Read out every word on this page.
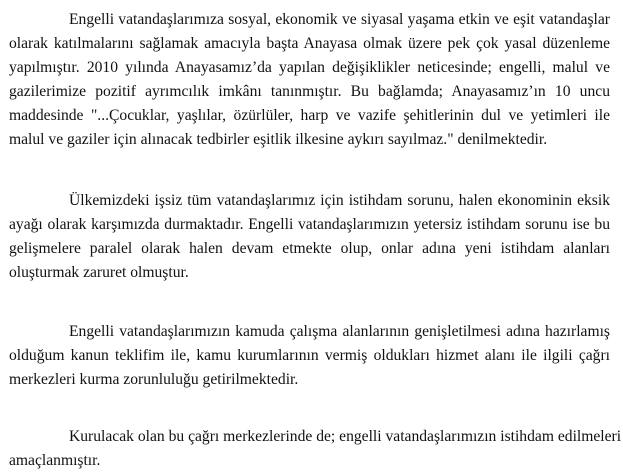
Engelli vatandaşlarımıza sosyal, ekonomik ve siyasal yaşama etkin ve eşit vatandaşlar
olarak katılmalarını sağlamak amacıyla başta Anayasa olmak üzere pek çok yasal düzenleme
yapılmıştır. 2010 yılında Anayasamız’da yapılan değişiklikler neticesinde; engelli, malul ve
gazilerimize pozitif ayrımcılık imkânı tanınmıştır. Bu bağlamda; Anayasamız’ın 10 uncu
maddesinde "...Çocuklar, yaşlılar, özürlüler, harp ve vazife şehitlerinin dul ve yetimleri ile
malul ve gaziler için alınacak tedbirler eşitlik ilkesine aykırı sayılmaz." denilmektedir.
Ülkemizdeki işsiz tüm vatandaşlarımız için istihdam sorunu, halen ekonominin eksik
ayağı olarak karşımızda durmaktadır. Engelli vatandaşlarımızın yetersiz istihdam sorunu ise bu
gelişmelere paralel olarak halen devam etmekte olup, onlar adına yeni istihdam alanları
oluşturmak zaruret olmuştur.
Engelli vatandaşlarımızın kamuda çalışma alanlarının genişletilmesi adına hazırlamış
olduğum kanun teklifim ile, kamu kurumlarının vermiş oldukları hizmet alanı ile ilgili çağrı
merkezleri kurma zorunluluğu getirilmektedir.
Kurulacak olan bu çağrı merkezlerinde de; engelli vatandaşlarımızın istihdam edilmeleri
amaçlanmıştır.
